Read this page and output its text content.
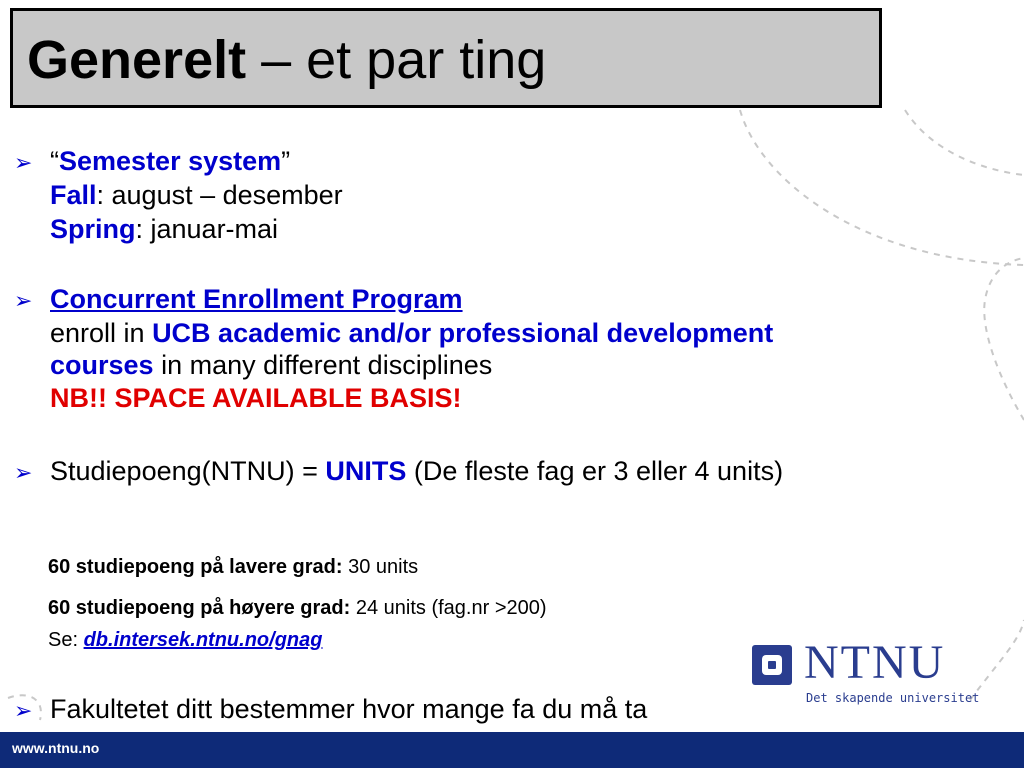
Generelt – et par ting
➢ “Semester system”
Fall: august – desember
Spring: januar-mai
➢ Concurrent Enrollment Program
enroll in UCB academic and/or professional development
courses in many different disciplines
NB!! SPACE AVAILABLE BASIS!
➢ Studiepoeng(NTNU) = UNITS (De fleste fag er 3 eller 4 units)
60 studiepoeng på lavere grad: 30 units
60 studiepoeng på høyere grad: 24 units (fag.nr >200)
Se: db.intersek.ntnu.no/gnag
➢ Fakultetet ditt bestemmer hvor mange fa du må ta
NTNU
Det skapende universitet
www.ntnu.no
